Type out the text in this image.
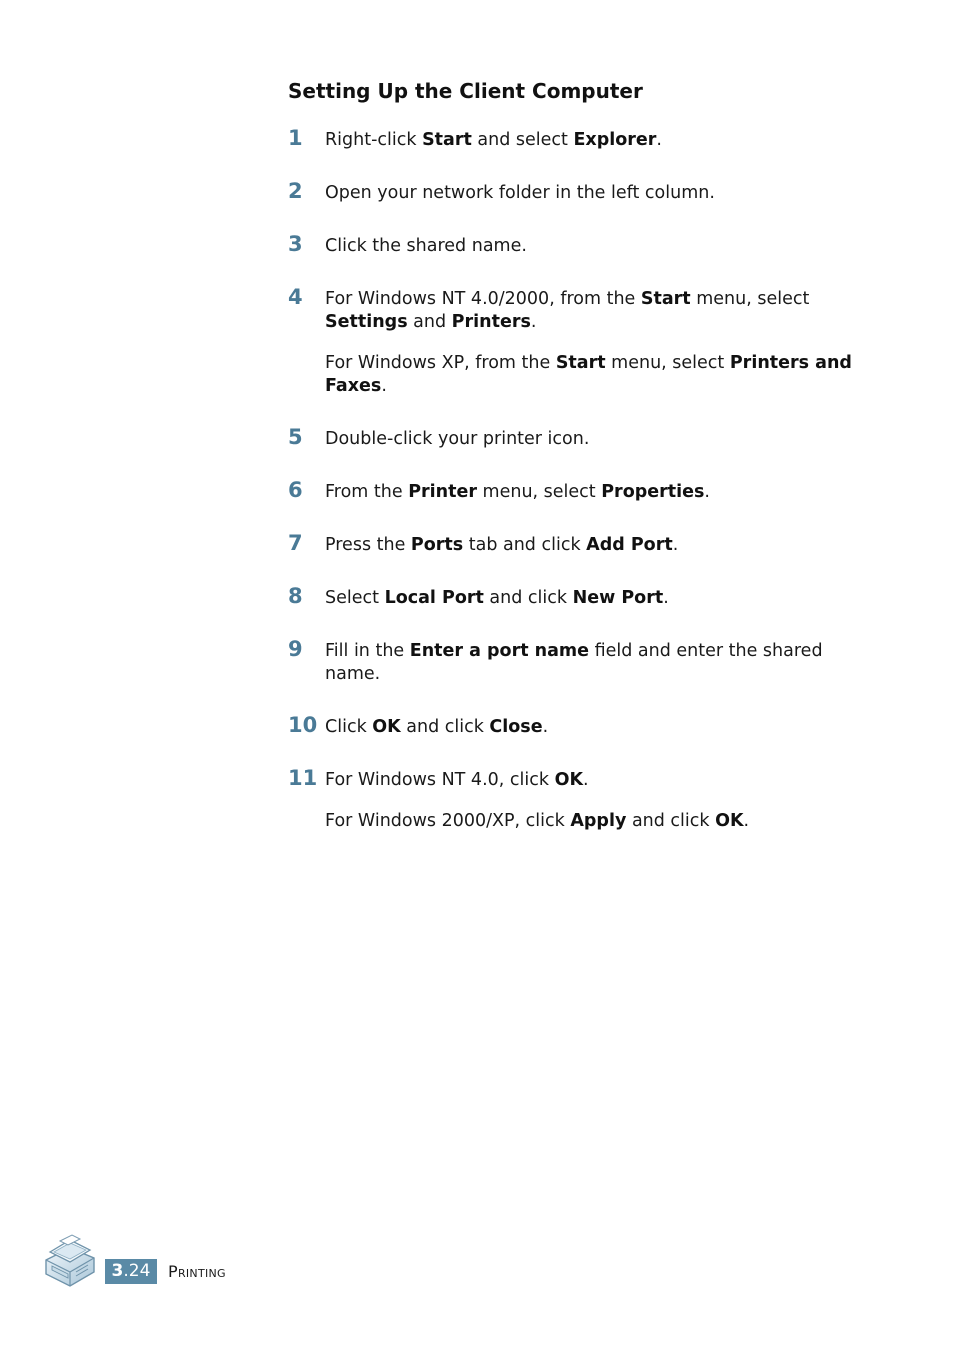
Setting Up the Client Computer
1 Right-click Start and select Explorer.

2 Open your network folder in the left column.

3 Click the shared name.

4 For Windows NT 4.0/2000, from the Start menu, select Settings and Printers.

For Windows XP, from the Start menu, select Printers and Faxes.

5 Double-click your printer icon.

6 From the Printer menu, select Properties.

7 Press the Ports tab and click Add Port.

8 Select Local Port and click New Port.

9 Fill in the Enter a port name field and enter the shared name.

10 Click OK and click Close.

11 For Windows NT 4.0, click OK.

For Windows 2000/XP, click Apply and click OK.

3.24	Printing
